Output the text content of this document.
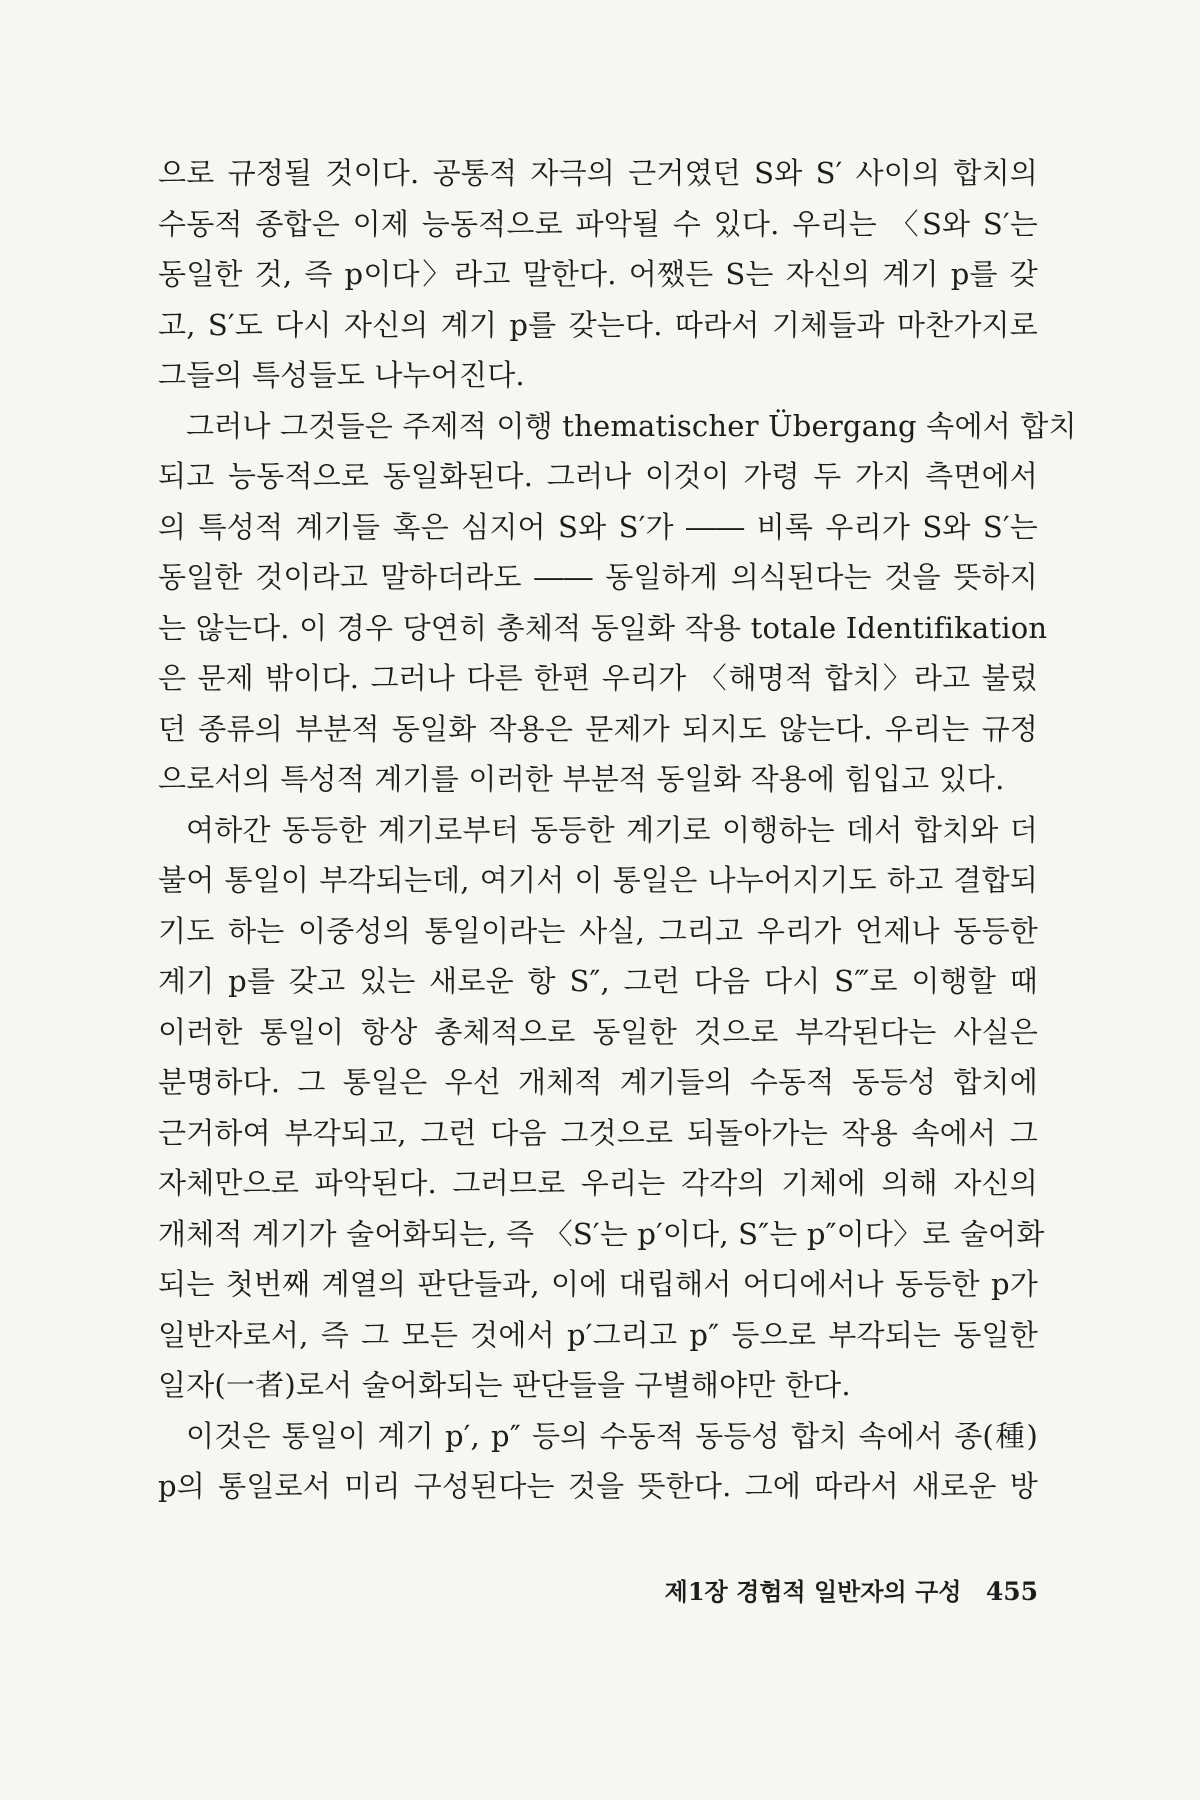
으로 규정될 것이다. 공통적 자극의 근거였던 S와 S′ 사이의 합치의
수동적 종합은 이제 능동적으로 파악될 수 있다. 우리는 〈S와 S′는
동일한 것, 즉 p이다〉라고 말한다. 어쨌든 S는 자신의 계기 p를 갖
고, S′도 다시 자신의 계기 p를 갖는다. 따라서 기체들과 마찬가지로
그들의 특성들도 나누어진다.
그러나 그것들은 주제적 이행 thematischer Übergang 속에서 합치
되고 능동적으로 동일화된다. 그러나 이것이 가령 두 가지 측면에서
의 특성적 계기들 혹은 심지어 S와 S′가 ―― 비록 우리가 S와 S′는
동일한 것이라고 말하더라도 ―― 동일하게 의식된다는 것을 뜻하지
는 않는다. 이 경우 당연히 총체적 동일화 작용 totale Identifikation
은 문제 밖이다. 그러나 다른 한편 우리가 〈해명적 합치〉라고 불렀
던 종류의 부분적 동일화 작용은 문제가 되지도 않는다. 우리는 규정
으로서의 특성적 계기를 이러한 부분적 동일화 작용에 힘입고 있다.
여하간 동등한 계기로부터 동등한 계기로 이행하는 데서 합치와 더
불어 통일이 부각되는데, 여기서 이 통일은 나누어지기도 하고 결합되
기도 하는 이중성의 통일이라는 사실, 그리고 우리가 언제나 동등한
계기 p를 갖고 있는 새로운 항 S″, 그런 다음 다시 S‴로 이행할 때
이러한 통일이 항상 총체적으로 동일한 것으로 부각된다는 사실은
분명하다. 그 통일은 우선 개체적 계기들의 수동적 동등성 합치에
근거하여 부각되고, 그런 다음 그것으로 되돌아가는 작용 속에서 그
자체만으로 파악된다. 그러므로 우리는 각각의 기체에 의해 자신의
개체적 계기가 술어화되는, 즉 〈S′는 p′이다, S″는 p″이다〉로 술어화
되는 첫번째 계열의 판단들과, 이에 대립해서 어디에서나 동등한 p가
일반자로서, 즉 그 모든 것에서 p′그리고 p″ 등으로 부각되는 동일한
일자(一者)로서 술어화되는 판단들을 구별해야만 한다.
이것은 통일이 계기 p′, p″ 등의 수동적 동등성 합치 속에서 종(種)
p의 통일로서 미리 구성된다는 것을 뜻한다. 그에 따라서 새로운 방
제1장 경험적 일반자의 구성 455
